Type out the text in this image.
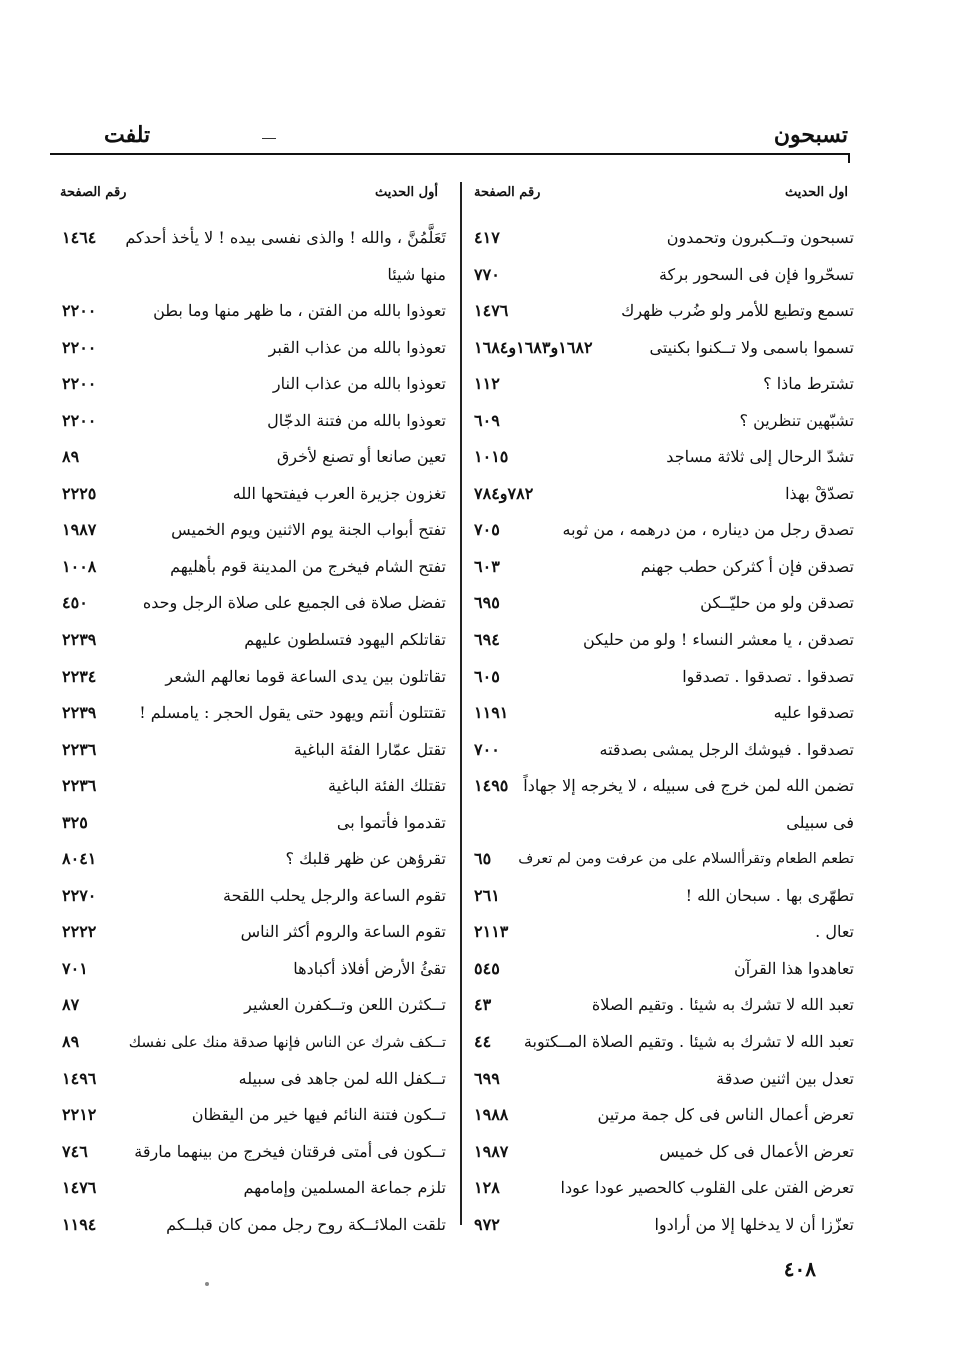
تسبحون
تلفت
اول الحديث
رقم الصفحة
أول الحديث
رقم الصفحة
تسبحون وتــكبرون وتحمدون
٤١٧
تسحّروا فإن فى السحور بركة
٧٧٠
تسمع وتطيع للأمر ولو ضُرب ظهرك
١٤٧٦
تسموا باسمى ولا تــكنوا بكنيتى
١٦٨٢و١٦٨٣و١٦٨٤
تشترط ماذا ؟
١١٢
تشبّهين تنظرين ؟
٦٠٩
تشدّ الرحال إلى ثلاثة مساجد
١٠١٥
تصدّقْ بهذا
٧٨٢و٧٨٤
تصدق رجل من ديناره ، من درهمه ، من ثوبه
٧٠٥
تصدقن فإن أ كثركن حطب جهنم
٦٠٣
تصدقن ولو من حليّــكن
٦٩٥
تصدقن ، يا معشر النساء ! ولو من حليكن
٦٩٤
تصدقوا . تصدقوا . تصدقوا
٦٠٥
تصدقوا عليه
١١٩١
تصدقوا . فيوشك الرجل يمشى بصدقته
٧٠٠
تضمن الله لمن خرج فى سبيله ، لا يخرجه إلا جهاداً
١٤٩٥
فى سبيلى
تطعم الطعام وتقرأالسلام على من عرفت ومن لم تعرف
٦٥
تطهّرى بها . سبحان الله !
٢٦١
تعال .
٢١١٣
تعاهدوا هذا القرآن
٥٤٥
تعبد الله لا تشرك به شيئا . وتقيم الصلاة
٤٣
تعبد الله لا تشرك به شيئا . وتقيم الصلاة المــكتوبة
٤٤
تعدل بين اثنين صدقة
٦٩٩
تعرض أعمال الناس فى كل جمة مرتين
١٩٨٨
تعرض الأعمال فى كل خميس
١٩٨٧
تعرض الفتن على القلوب كالحصير عودا عودا
١٢٨
تعزّزا أن لا يدخلها إلا من أرادوا
٩٧٢
تَعَلَّمُنَّ ، والله ! والذى نفسى بيده ! لا يأخذ أحدكم
١٤٦٤
منها شيئا
تعوذوا بالله من الفتن ، ما ظهر منها وما بطن
٢٢٠٠
تعوذوا بالله من عذاب القبر
٢٢٠٠
تعوذوا بالله من عذاب النار
٢٢٠٠
تعوذوا بالله من فتنة الدجّال
٢٢٠٠
تعين صانعا أو تصنع لأخرق
٨٩
تغزون جزيرة العرب فيفتحها الله
٢٢٢٥
تفتح أبواب الجنة يوم الاثنين ويوم الخميس
١٩٨٧
تفتح الشام فيخرج من المدينة قوم بأهليهم
١٠٠٨
تفضل صلاة فى الجميع على صلاة الرجل وحده
٤٥٠
تقاتلكم اليهود فتسلطون عليهم
٢٢٣٩
تقاتلون بين يدى الساعة قوما نعالهم الشعر
٢٢٣٤
تقتتلون أنتم ويهود حتى يقول الحجر : يامسلم !
٢٢٣٩
تقتل عمّارا الفئة الباغية
٢٢٣٦
تقتلك الفئة الباغية
٢٢٣٦
تقدموا فأتموا بى
٣٢٥
تقرؤهن عن ظهر قلبك ؟
٨٠٤١
تقوم الساعة والرجل يحلب اللقحة
٢٢٧٠
تقوم الساعة والروم أكثر الناس
٢٢٢٢
تقئُ الأرض أفلاذ أكبادها
٧٠١
تــكثرن اللعن وتــكفرن العشير
٨٧
تــكف شرك عن الناس فإنها صدقة منك على نفسك
٨٩
تــكفل الله لمن جاهد فى سبيله
١٤٩٦
تــكون فتنة النائم فيها خير من اليقظان
٢٢١٢
تــكون فى أمتى فرقتان فيخرج من بينهما مارقة
٧٤٦
تلزم جماعة المسلمين وإمامهم
١٤٧٦
تلقت الملائــكة روح رجل ممن كان قبلــكم
١١٩٤
٤٠٨
